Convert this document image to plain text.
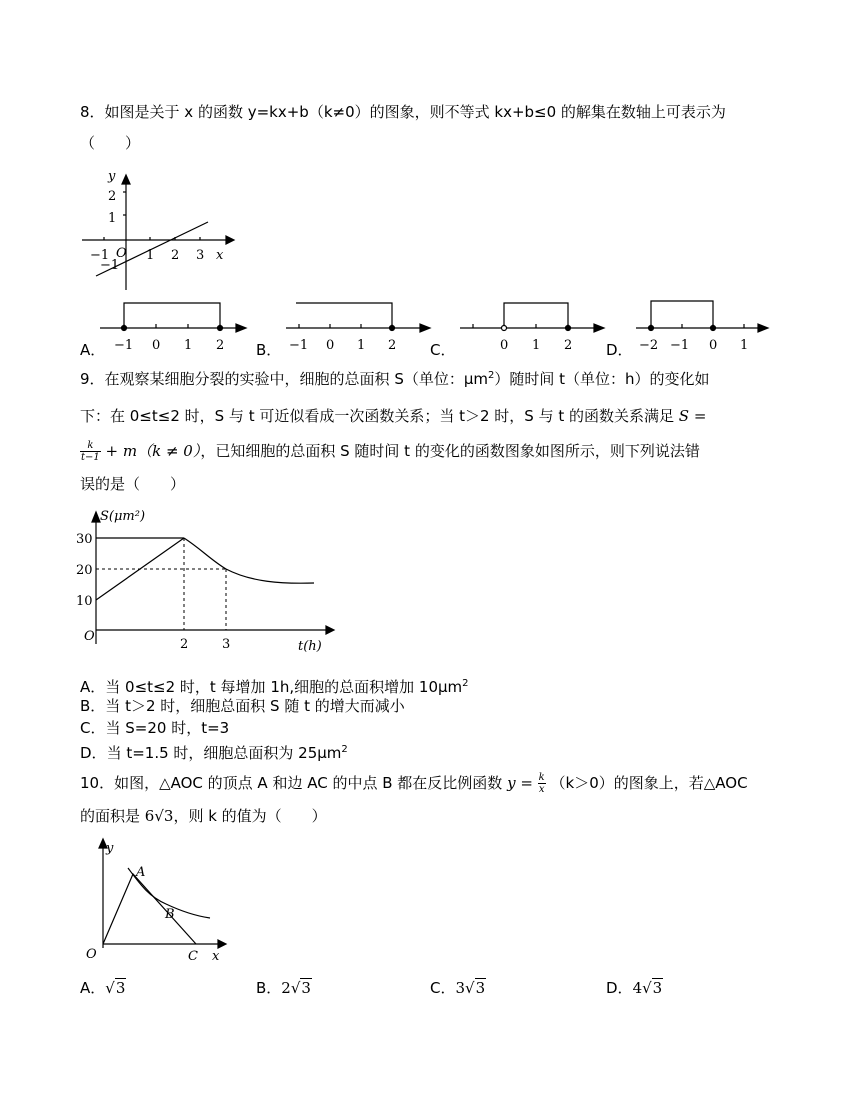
8．如图是关于 x 的函数 y=kx+b（k≠0）的图象，则不等式 kx+b≤0 的解集在数轴上可表示为
（　　）
y
x
O
2
1
−1
−1	1 2 3
A． −1 0 1 2 B． −1 0 1 2 C．	0 1 2 D． −2 −1 0 1
9．在观察某细胞分裂的实验中，细胞的总面积 S（单位：$\mu m^2$）随时间 t（单位：h）的变化如
下：在 0≤t≤2 时，S 与 t 可近似看成一次函数关系；当 t＞2 时，S 与 t 的函数关系满足 S =
$\frac{k}{t-1} + m(k \ne 0)$，已知细胞的总面积 S 随时间 t 的变化的函数图象如图所示，则下列说法错
误的是（　　）
S(μm²)
t(h)
O
30
20
10
2	3
A．当 0≤t≤2 时，t 每增加 1h,细胞的总面积增加 $10\mu m^2$
B．当 t＞2 时，细胞总面积 S 随 t 的增大而减小
C．当 S=20 时，t=3
D．当 t=1.5 时，细胞总面积为 $25\mu m^2$
10．如图，△AOC 的顶点 A 和边 AC 的中点 B 都在反比例函数 $y = \frac{k}{x} (k>0)$的图象上，若△AOC
的面积是 6√3，则 k 的值为（　　）
y
A
B
O	C x
A．√3	B．2√3	C．3√3	D．4√3
